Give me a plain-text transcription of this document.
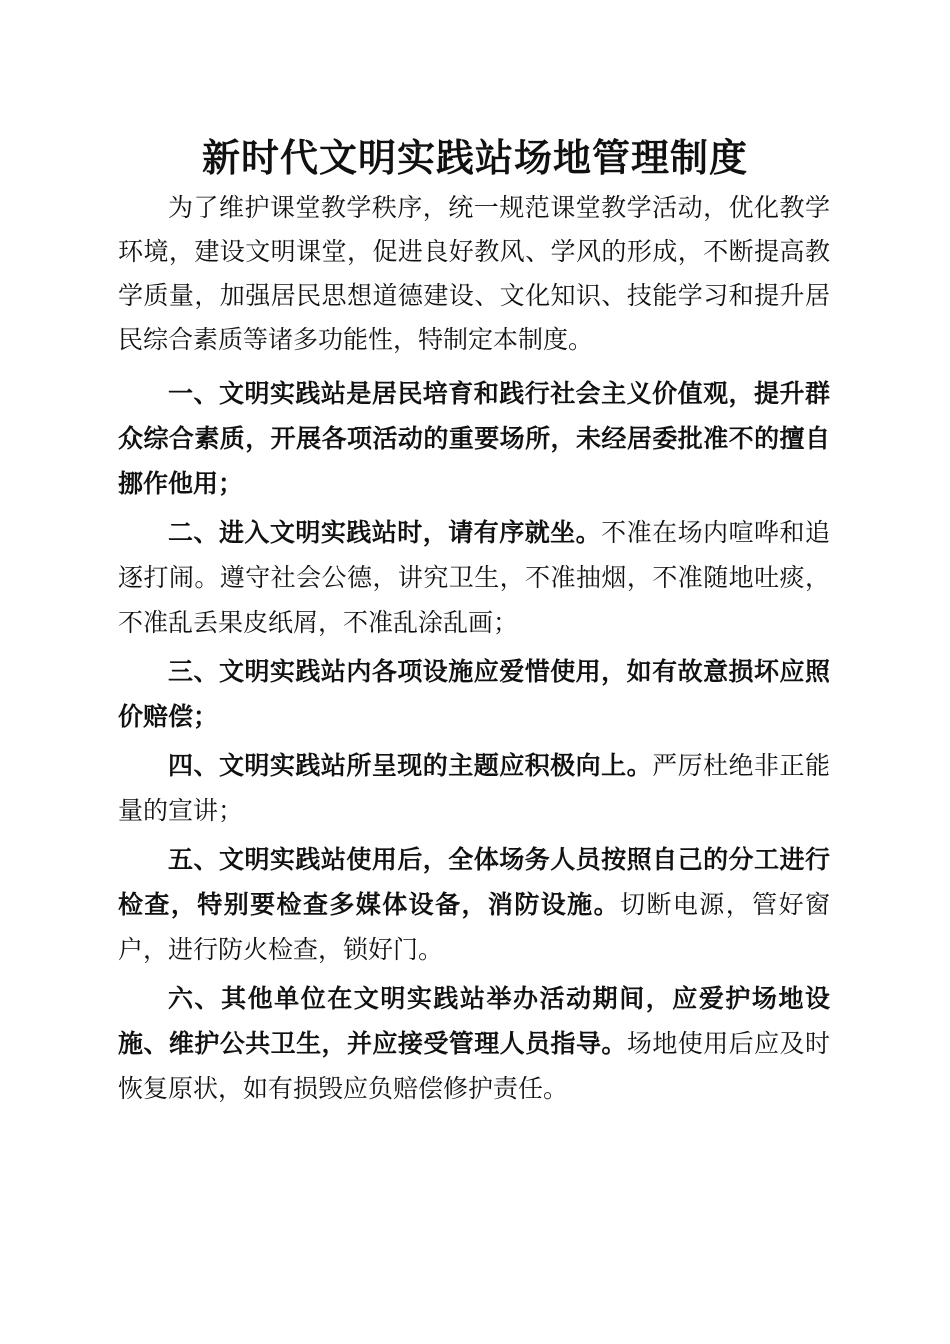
新时代文明实践站场地管理制度

为了维护课堂教学秩序，统一规范课堂教学活动，优化教学环境，建设文明课堂，促进良好教风、学风的形成，不断提高教学质量，加强居民思想道德建设、文化知识、技能学习和提升居民综合素质等诸多功能性，特制定本制度。

一、文明实践站是居民培育和践行社会主义价值观，提升群众综合素质，开展各项活动的重要场所，未经居委批准不的擅自挪作他用；

二、进入文明实践站时，请有序就坐。不准在场内喧哗和追逐打闹。遵守社会公德，讲究卫生，不准抽烟，不准随地吐痰，不准乱丢果皮纸屑，不准乱涂乱画；

三、文明实践站内各项设施应爱惜使用，如有故意损坏应照价赔偿；

四、文明实践站所呈现的主题应积极向上。严厉杜绝非正能量的宣讲；

五、文明实践站使用后，全体场务人员按照自己的分工进行检查，特别要检查多媒体设备，消防设施。切断电源，管好窗户，进行防火检查，锁好门。

六、其他单位在文明实践站举办活动期间，应爱护场地设施、维护公共卫生，并应接受管理人员指导。场地使用后应及时恢复原状，如有损毁应负赔偿修护责任。
